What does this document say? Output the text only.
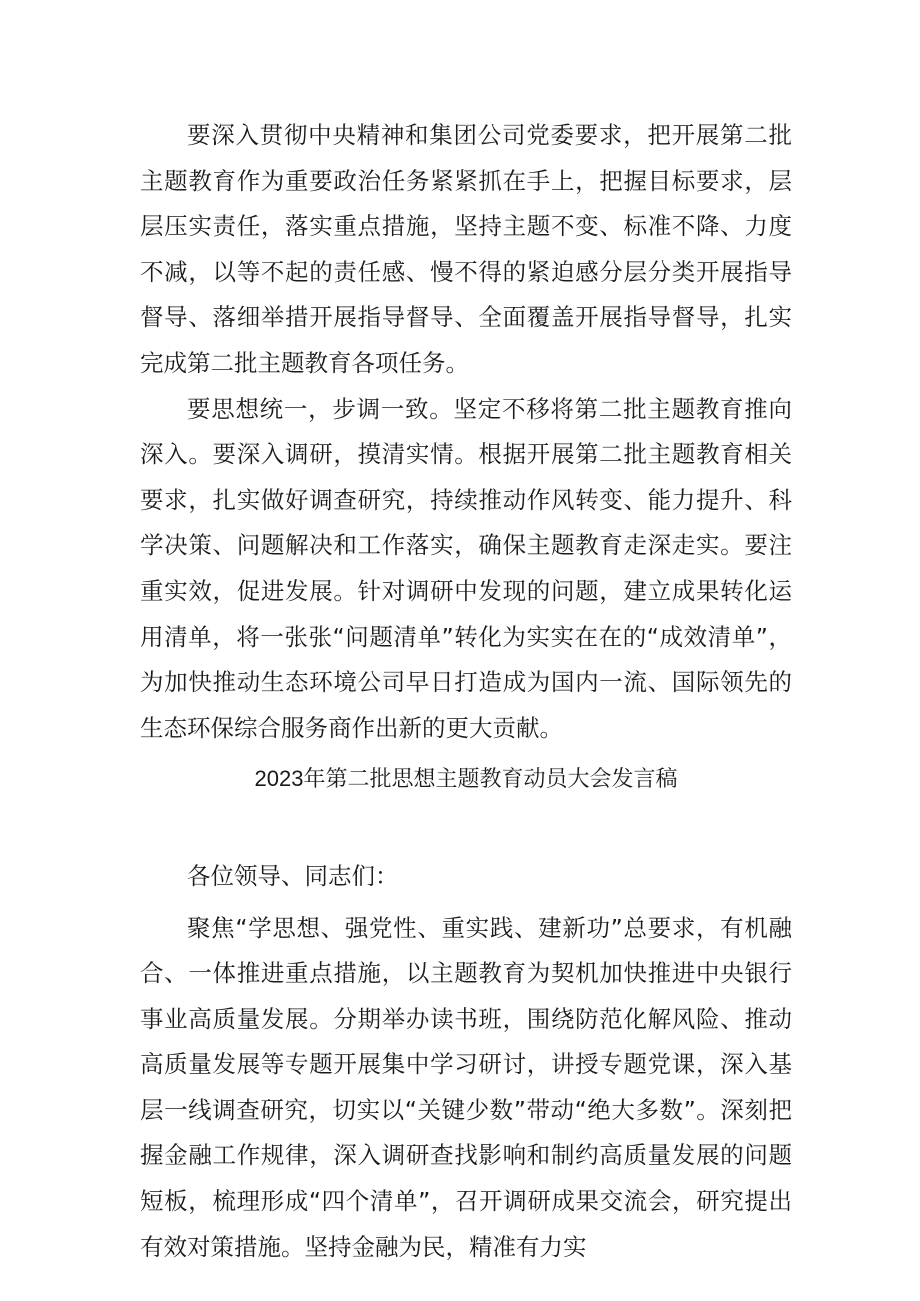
要深入贯彻中央精神和集团公司党委要求，把开展第二批主题教育作为重要政治任务紧紧抓在手上，把握目标要求，层层压实责任，落实重点措施，坚持主题不变、标准不降、力度不减，以等不起的责任感、慢不得的紧迫感分层分类开展指导督导、落细举措开展指导督导、全面覆盖开展指导督导，扎实完成第二批主题教育各项任务。

要思想统一，步调一致。坚定不移将第二批主题教育推向深入。要深入调研，摸清实情。根据开展第二批主题教育相关要求，扎实做好调查研究，持续推动作风转变、能力提升、科学决策、问题解决和工作落实，确保主题教育走深走实。要注重实效，促进发展。针对调研中发现的问题，建立成果转化运用清单，将一张张“问题清单”转化为实实在在的“成效清单”，为加快推动生态环境公司早日打造成为国内一流、国际领先的生态环保综合服务商作出新的更大贡献。

2023年第二批思想主题教育动员大会发言稿

各位领导、同志们：

聚焦“学思想、强党性、重实践、建新功”总要求，有机融合、一体推进重点措施，以主题教育为契机加快推进中央银行事业高质量发展。分期举办读书班，围绕防范化解风险、推动高质量发展等专题开展集中学习研讨，讲授专题党课，深入基层一线调查研究，切实以“关键少数”带动“绝大多数”。深刻把握金融工作规律，深入调研查找影响和制约高质量发展的问题短板，梳理形成“四个清单”，召开调研成果交流会，研究提出有效对策措施。坚持金融为民，精准有力实
